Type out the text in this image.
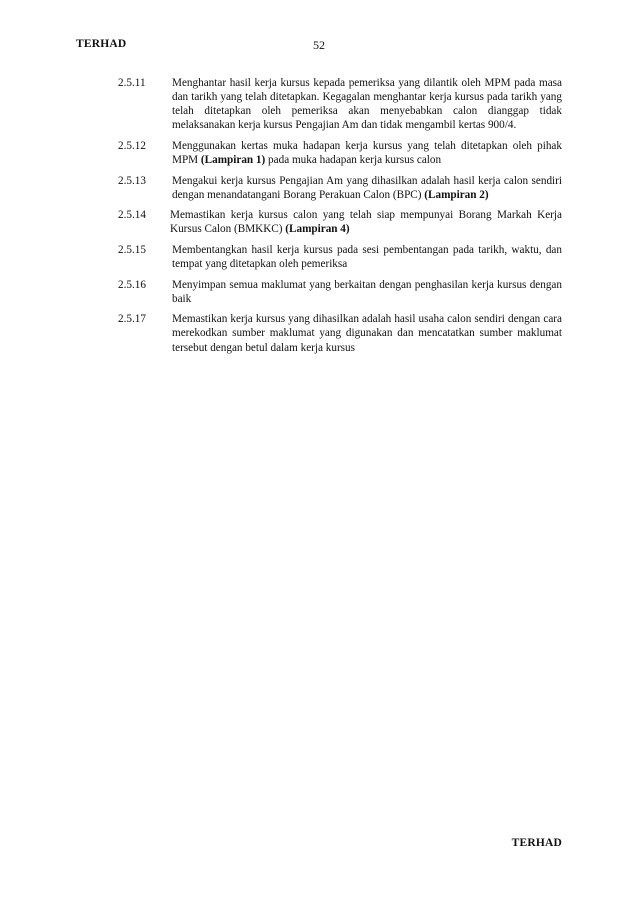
TERHAD	52
2.5.11	Menghantar hasil kerja kursus kepada pemeriksa yang dilantik oleh MPM pada masa dan tarikh yang telah ditetapkan. Kegagalan menghantar kerja kursus pada tarikh yang telah ditetapkan oleh pemeriksa akan menyebabkan calon dianggap tidak melaksanakan kerja kursus Pengajian Am dan tidak mengambil kertas 900/4.

2.5.12	Menggunakan kertas muka hadapan kerja kursus yang telah ditetapkan oleh pihak MPM (Lampiran 1) pada muka hadapan kerja kursus calon

2.5.13	Mengakui kerja kursus Pengajian Am yang dihasilkan adalah hasil kerja calon sendiri dengan menandatangani Borang Perakuan Calon (BPC) (Lampiran 2)

2.5.14	Memastikan kerja kursus calon yang telah siap mempunyai Borang Markah Kerja Kursus Calon (BMKKC) (Lampiran 4)

2.5.15	Membentangkan hasil kerja kursus pada sesi pembentangan pada tarikh, waktu, dan tempat yang ditetapkan oleh pemeriksa

2.5.16	Menyimpan semua maklumat yang berkaitan dengan penghasilan kerja kursus dengan baik

2.5.17	Memastikan kerja kursus yang dihasilkan adalah hasil usaha calon sendiri dengan cara merekodkan sumber maklumat yang digunakan dan mencatatkan sumber maklumat tersebut dengan betul dalam kerja kursus

TERHAD
